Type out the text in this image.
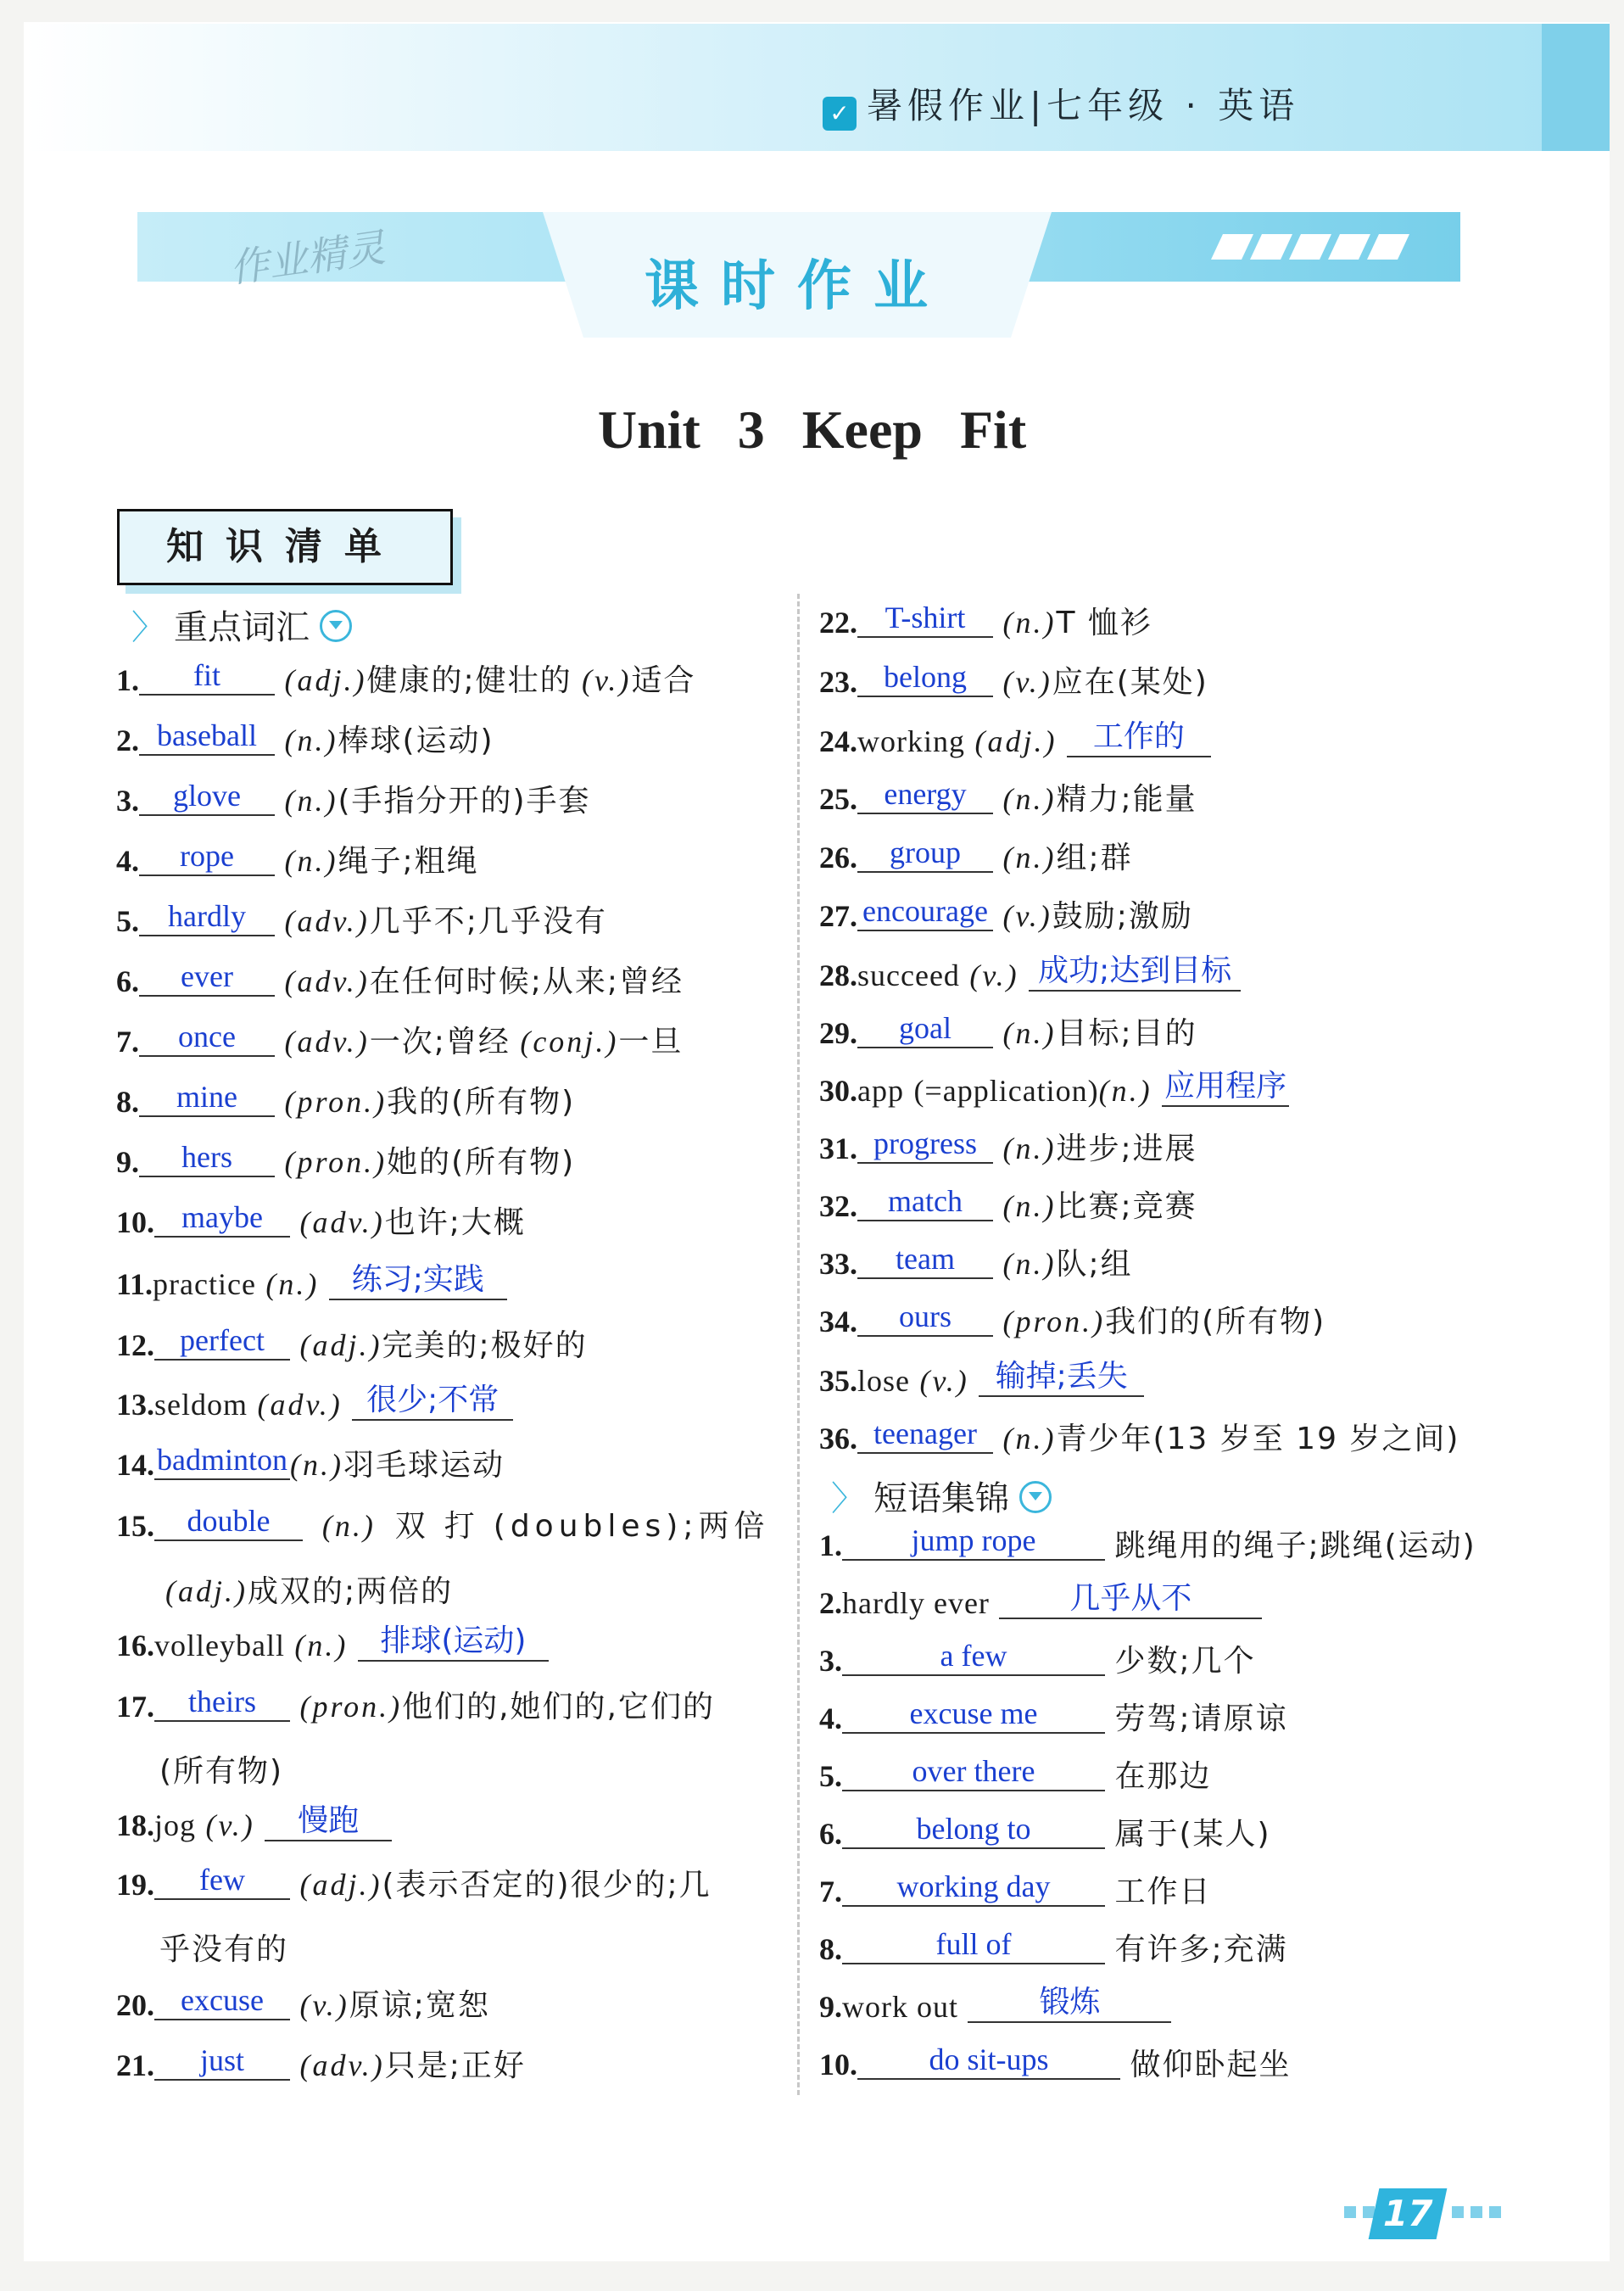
✓ 暑假作业|七年级 · 英语
课时作业
作业精灵
Unit 3 Keep Fit
知识清单
〉 重点词汇
1. fit (adj.)健康的;健壮的 (v.)适合
2. baseball (n.)棒球(运动)
3. glove (n.)(手指分开的)手套
4. rope (n.)绳子;粗绳
5. hardly (adv.)几乎不;几乎没有
6. ever (adv.)在任何时候;从来;曾经
7. once (adv.)一次;曾经 (conj.)一旦
8. mine (pron.)我的(所有物)
9. hers (pron.)她的(所有物)
10. maybe (adv.)也许;大概
11.practice (n.) 练习;实践
12. perfect (adj.)完美的;极好的
13.seldom (adv.) 很少;不常
14.badminton(n.)羽毛球运动
15. double (n.) 双打(doubles);两倍
(adj.)成双的;两倍的
16.volleyball (n.) 排球(运动)
17. theirs (pron.)他们的,她们的,它们的
(所有物)
18.jog (v.) 慢跑
19. few (adj.)(表示否定的)很少的;几
乎没有的
20. excuse (v.)原谅;宽恕
21. just (adv.)只是;正好
22. T-shirt (n.)T 恤衫
23. belong (v.)应在(某处)
24.working (adj.) 工作的
25. energy (n.)精力;能量
26. group (n.)组;群
27. encourage (v.)鼓励;激励
28.succeed (v.) 成功;达到目标
29. goal (n.)目标;目的
30.app (=application)(n.) 应用程序
31. progress (n.)进步;进展
32. match (n.)比赛;竞赛
33. team (n.)队;组
34. ours (pron.)我们的(所有物)
35.lose (v.) 输掉;丢失
36. teenager (n.)青少年(13 岁至 19 岁之间)
〉 短语集锦
1. jump rope	跳绳用的绳子;跳绳(运动)
2.hardly ever	几乎从不
3.	a few	少数;几个
4. excuse me	劳驾;请原谅
5. over there	在那边
6. belong to	属于(某人)
7. working day 工作日
8.	full of	有许多;充满
9.work out	锻炼
10. do sit-ups	做仰卧起坐
17
